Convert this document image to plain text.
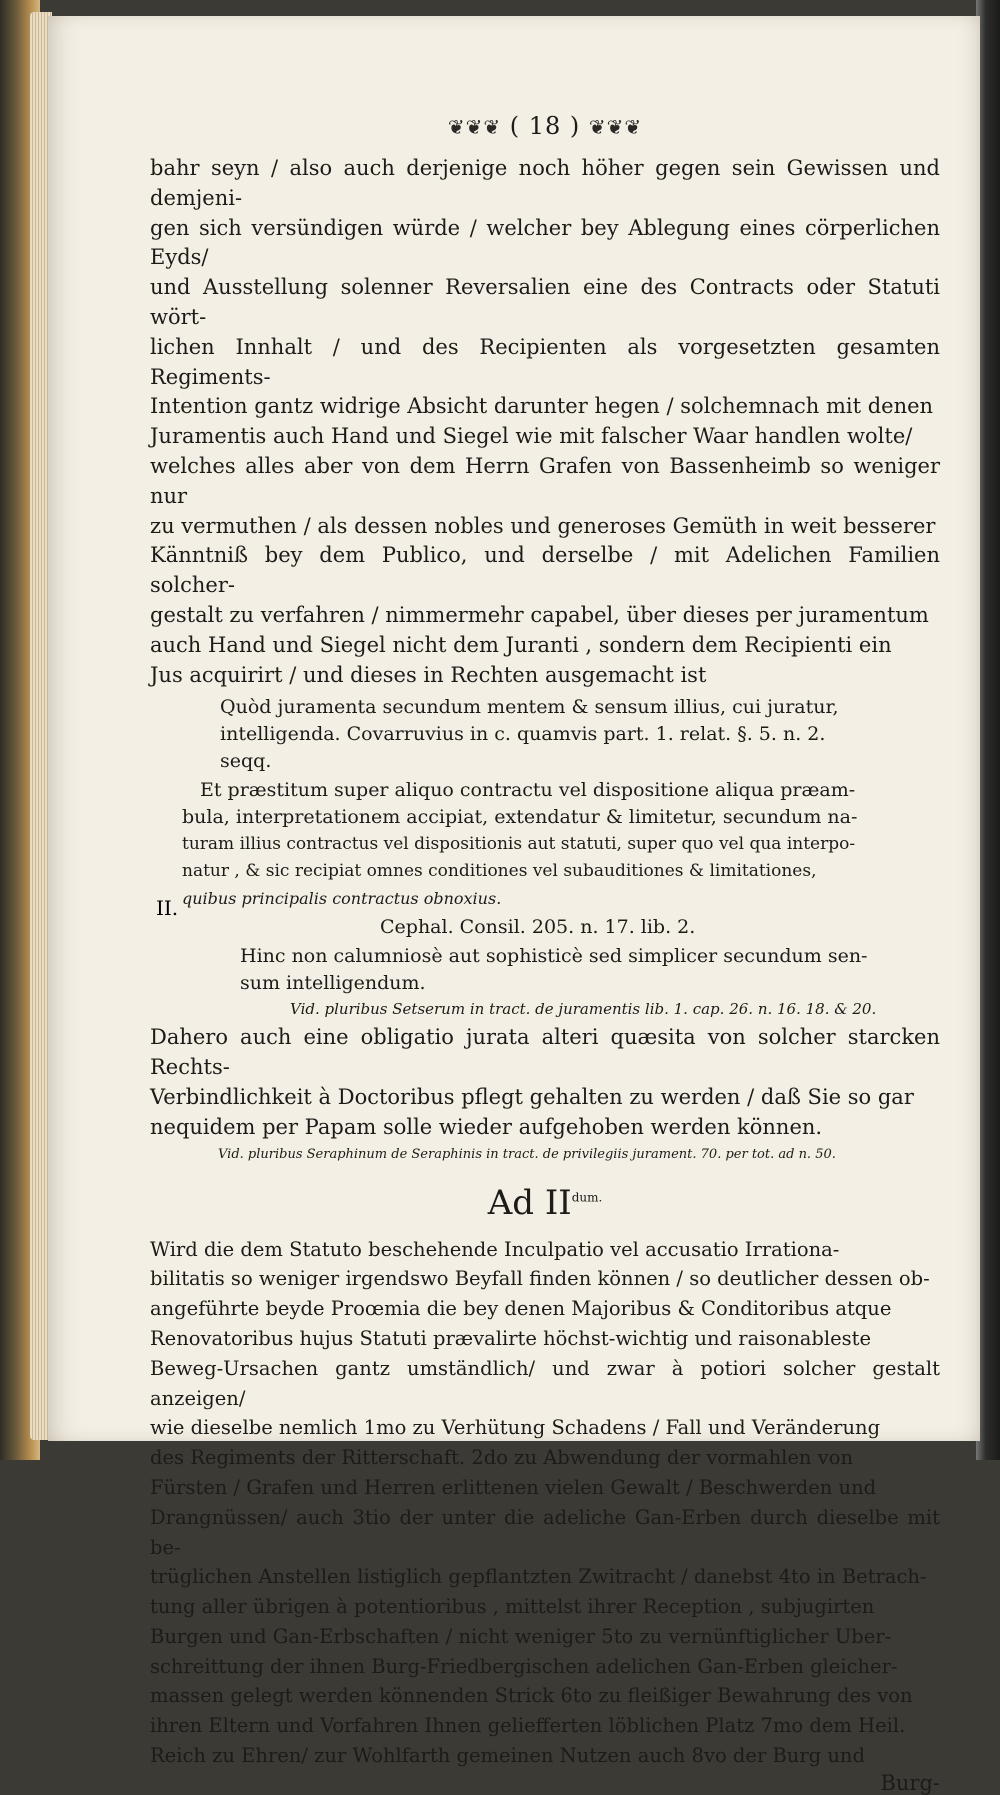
II.
❦❦❦ ( 18 ) ❦❦❦

bahr seyn / also auch derjenige noch höher gegen sein Gewissen und demjeni-

gen sich versündigen würde / welcher bey Ablegung eines cörperlichen Eyds/

und Ausstellung solenner Reversalien eine des Contracts oder Statuti wört-

lichen Innhalt / und des Recipienten als vorgesetzten gesamten Regiments-

Intention gantz widrige Absicht darunter hegen / solchemnach mit denen

Juramentis auch Hand und Siegel wie mit falscher Waar handlen wolte/

welches alles aber von dem Herrn Grafen von Bassenheimb so weniger nur

zu vermuthen / als dessen nobles und generoses Gemüth in weit besserer

Känntniß bey dem Publico, und derselbe / mit Adelichen Familien solcher-

gestalt zu verfahren / nimmermehr capabel, über dieses per juramentum

auch Hand und Siegel nicht dem Juranti , sondern dem Recipienti ein

Jus acquirirt / und dieses in Rechten ausgemacht ist

Quòd juramenta secundum mentem & sensum illius, cui juratur,

intelligenda. Covarruvius in c. quamvis part. 1. relat. §. 5. n. 2.

seqq.

Et præstitum super aliquo contractu vel dispositione aliqua præam-

bula, interpretationem accipiat, extendatur & limitetur, secundum na-

turam illius contractus vel dispositionis aut statuti, super quo vel qua interpo-

natur , & sic recipiat omnes conditiones vel subauditiones & limitationes,

quibus principalis contractus obnoxius.

Cephal. Consil. 205. n. 17. lib. 2.

Hinc non calumniosè aut sophisticè sed simplicer secundum sen-

sum intelligendum.

Vid. pluribus Setserum in tract. de juramentis lib. 1. cap. 26. n. 16. 18. & 20.

Dahero auch eine obligatio jurata alteri quæsita von solcher starcken Rechts-

Verbindlichkeit à Doctoribus pflegt gehalten zu werden / daß Sie so gar

nequidem per Papam solle wieder aufgehoben werden können.

Vid. pluribus Seraphinum de Seraphinis in tract. de privilegiis jurament. 70. per tot. ad n. 50.

Ad $II^{dum.}$

Wird die dem Statuto beschehende Inculpatio vel accusatio Irrationa-

bilitatis so weniger irgendswo Beyfall finden können / so deutlicher dessen ob-

angeführte beyde Proœmia die bey denen Majoribus & Conditoribus atque

Renovatoribus hujus Statuti prævalirte höchst-wichtig und raisonableste

Beweg-Ursachen gantz umständlich/ und zwar à potiori solcher gestalt anzeigen/

wie dieselbe nemlich 1mo zu Verhütung Schadens / Fall und Veränderung

des Regiments der Ritterschaft. 2do zu Abwendung der vormahlen von

Fürsten / Grafen und Herren erlittenen vielen Gewalt / Beschwerden und

Drangnüssen/ auch 3tio der unter die adeliche Gan-Erben durch dieselbe mit be-

trüglichen Anstellen listiglich gepflantzten Zwitracht / danebst 4to in Betrach-

tung aller übrigen à potentioribus , mittelst ihrer Reception , subjugirten

Burgen und Gan-Erbschaften / nicht weniger 5to zu vernünftiglicher Uber-

schreittung der ihnen Burg-Friedbergischen adelichen Gan-Erben gleicher-

massen gelegt werden könnenden Strick 6to zu fleißiger Bewahrung des von

ihren Eltern und Vorfahren Ihnen geliefferten löblichen Platz 7mo dem Heil.

Reich zu Ehren/ zur Wohlfarth gemeinen Nutzen auch 8vo der Burg und

Burg-
